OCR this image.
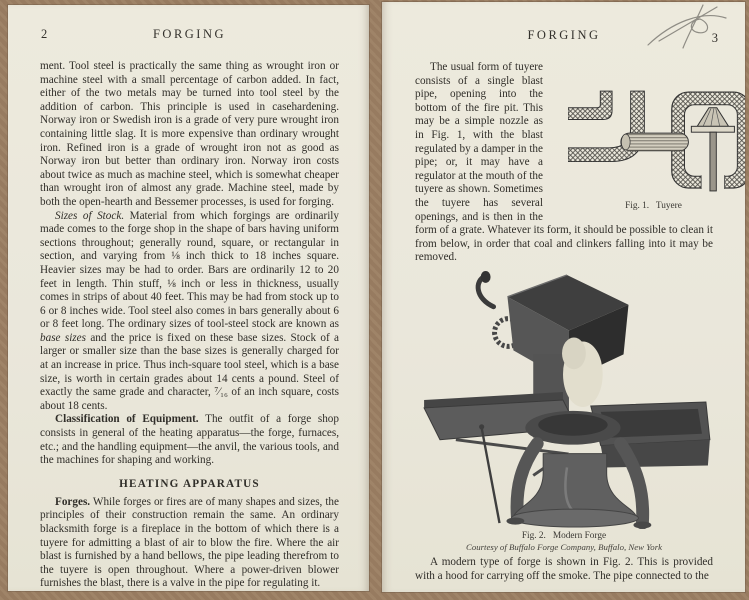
2	FORGING

ment. Tool steel is practically the same thing as wrought iron or machine steel with a small percentage of carbon added. In fact, either of the two metals may be turned into tool steel by the addition of carbon. This principle is used in casehardening. Norway iron or Swedish iron is a grade of very pure wrought iron containing little slag. It is more expensive than ordinary wrought iron. Refined iron is a grade of wrought iron not as good as Norway iron but better than ordinary iron. Norway iron costs about twice as much as machine steel, which is somewhat cheaper than wrought iron of almost any grade. Machine steel, made by both the open-hearth and Bessemer processes, is used for forging.

Sizes of Stock. Material from which forgings are ordinarily made comes to the forge shop in the shape of bars having uniform sections throughout; generally round, square, or rectangular in section, and varying from ⅛ inch thick to 18 inches square. Heavier sizes may be had to order. Bars are ordinarily 12 to 20 feet in length. Thin stuff, ⅛ inch or less in thickness, usually comes in strips of about 40 feet. This may be had from stock up to 6 or 8 inches wide. Tool steel also comes in bars generally about 6 or 8 feet long. The ordinary sizes of tool-steel stock are known as base sizes and the price is fixed on these base sizes. Stock of a larger or smaller size than the base sizes is generally charged for at an increase in price. Thus inch-square tool steel, which is a base size, is worth in certain grades about 14 cents a pound. Steel of exactly the same grade and character, ⁷⁄₁₆ of an inch square, costs about 18 cents.

Classification of Equipment. The outfit of a forge shop consists in general of the heating apparatus—the forge, furnaces, etc.; and the handling equipment—the anvil, the various tools, and the machines for shaping and working.

HEATING APPARATUS

Forges. While forges or fires are of many shapes and sizes, the principles of their construction remain the same. An ordinary blacksmith forge is a fireplace in the bottom of which there is a tuyere for admitting a blast of air to blow the fire. Where the air blast is furnished by a hand bellows, the pipe leading therefrom to the tuyere is open throughout. Where a power-driven blower furnishes the blast, there is a valve in the pipe for regulating it.

3
FORGING

Fig. 1.   Tuyere
The usual form of tuyere consists of a single blast pipe, opening into the bottom of the fire pit. This may be a simple nozzle as in Fig. 1, with the blast regulated by a damper in the pipe; or, it may have a regulator at the mouth of the tuyere as shown. Sometimes the tuyere has several openings, and is then in the form of a grate. Whatever its form, it should be possible to clean it from below, in order that coal and clinkers falling into it may be removed.

Fig. 2.   Modern Forge
Courtesy of Buffalo Forge Company, Buffalo, New York

A modern type of forge is shown in Fig. 2. This is provided with a hood for carrying off the smoke. The pipe connected to the
